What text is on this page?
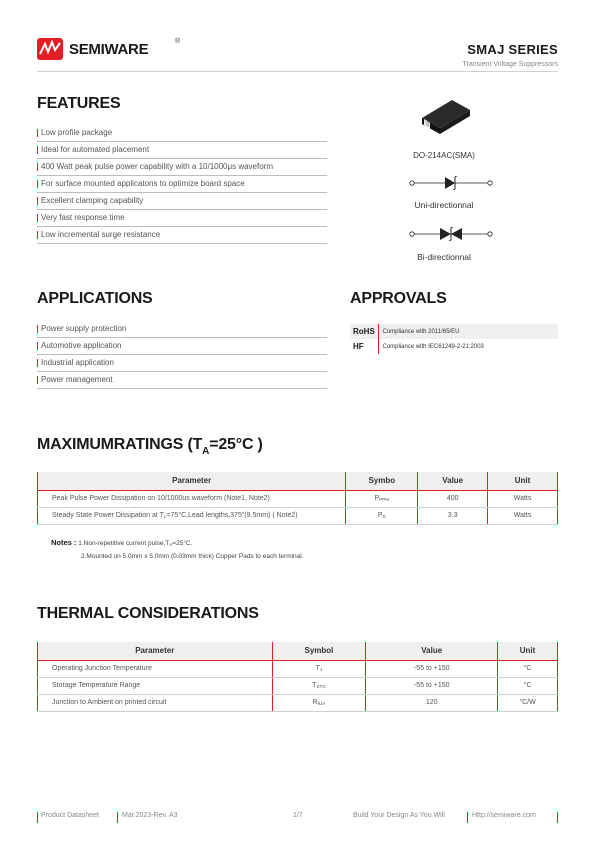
SEMIWARE	®
SMAJ SERIES
Transient Voltage Suppressors
FEATURES
Low profile package
Ideal for automated placement
400 Watt peak pulse power capability with a 10/1000μs waveform
For surface mounted applicatons to optimize board space
Excellent clamping capability
Very fast response time
Low incremental surge resistance
DO-214AC(SMA)
Uni-directionnal
Bi-directionnal
APPLICATIONS
Power supply protection
Automotive application
Industrial application
Power management
APPROVALS
RoHS	Compliance with 2011/65/EU
HF	Compliance with IEC61249-2-21:2003
MAXIMUMRATINGS ($T_A=25^\circ C$ )
Parameter	Symbo	Value	Unit
Peak Pulse Power Dissipation on 10/1000us waveform (Note1, Note2)	$P_{PPM}$	400	Watts
Steady State Power Dissipation at $T_L=75^\circ C,Lead$ lengths.375"(9.5mm) ( Note2)	$P_D$	3.3	Watts
Notes : 1.Non-repetitive current $pulse,T_A=25^\circ C$.
2.Mounted on 5.0mm x 5.0mm (0.03mm thick) Copper Pads to each terminal.
THERMAL CONSIDERATIONS
Parameter	Symbol	Value	Unit
Operating Junction Temperature	$T_J$	-55 to +150	°C
Storage Temperature Range	$T_{STG}$	-55 to +150	°C
Junction to Ambient on printed circuit	$R_{\theta JA}$	120	°C/W
Product Datasheet	Mar.2023-Rev. A3	1/7	Build Your Design As You Will	Http://semiware.com
